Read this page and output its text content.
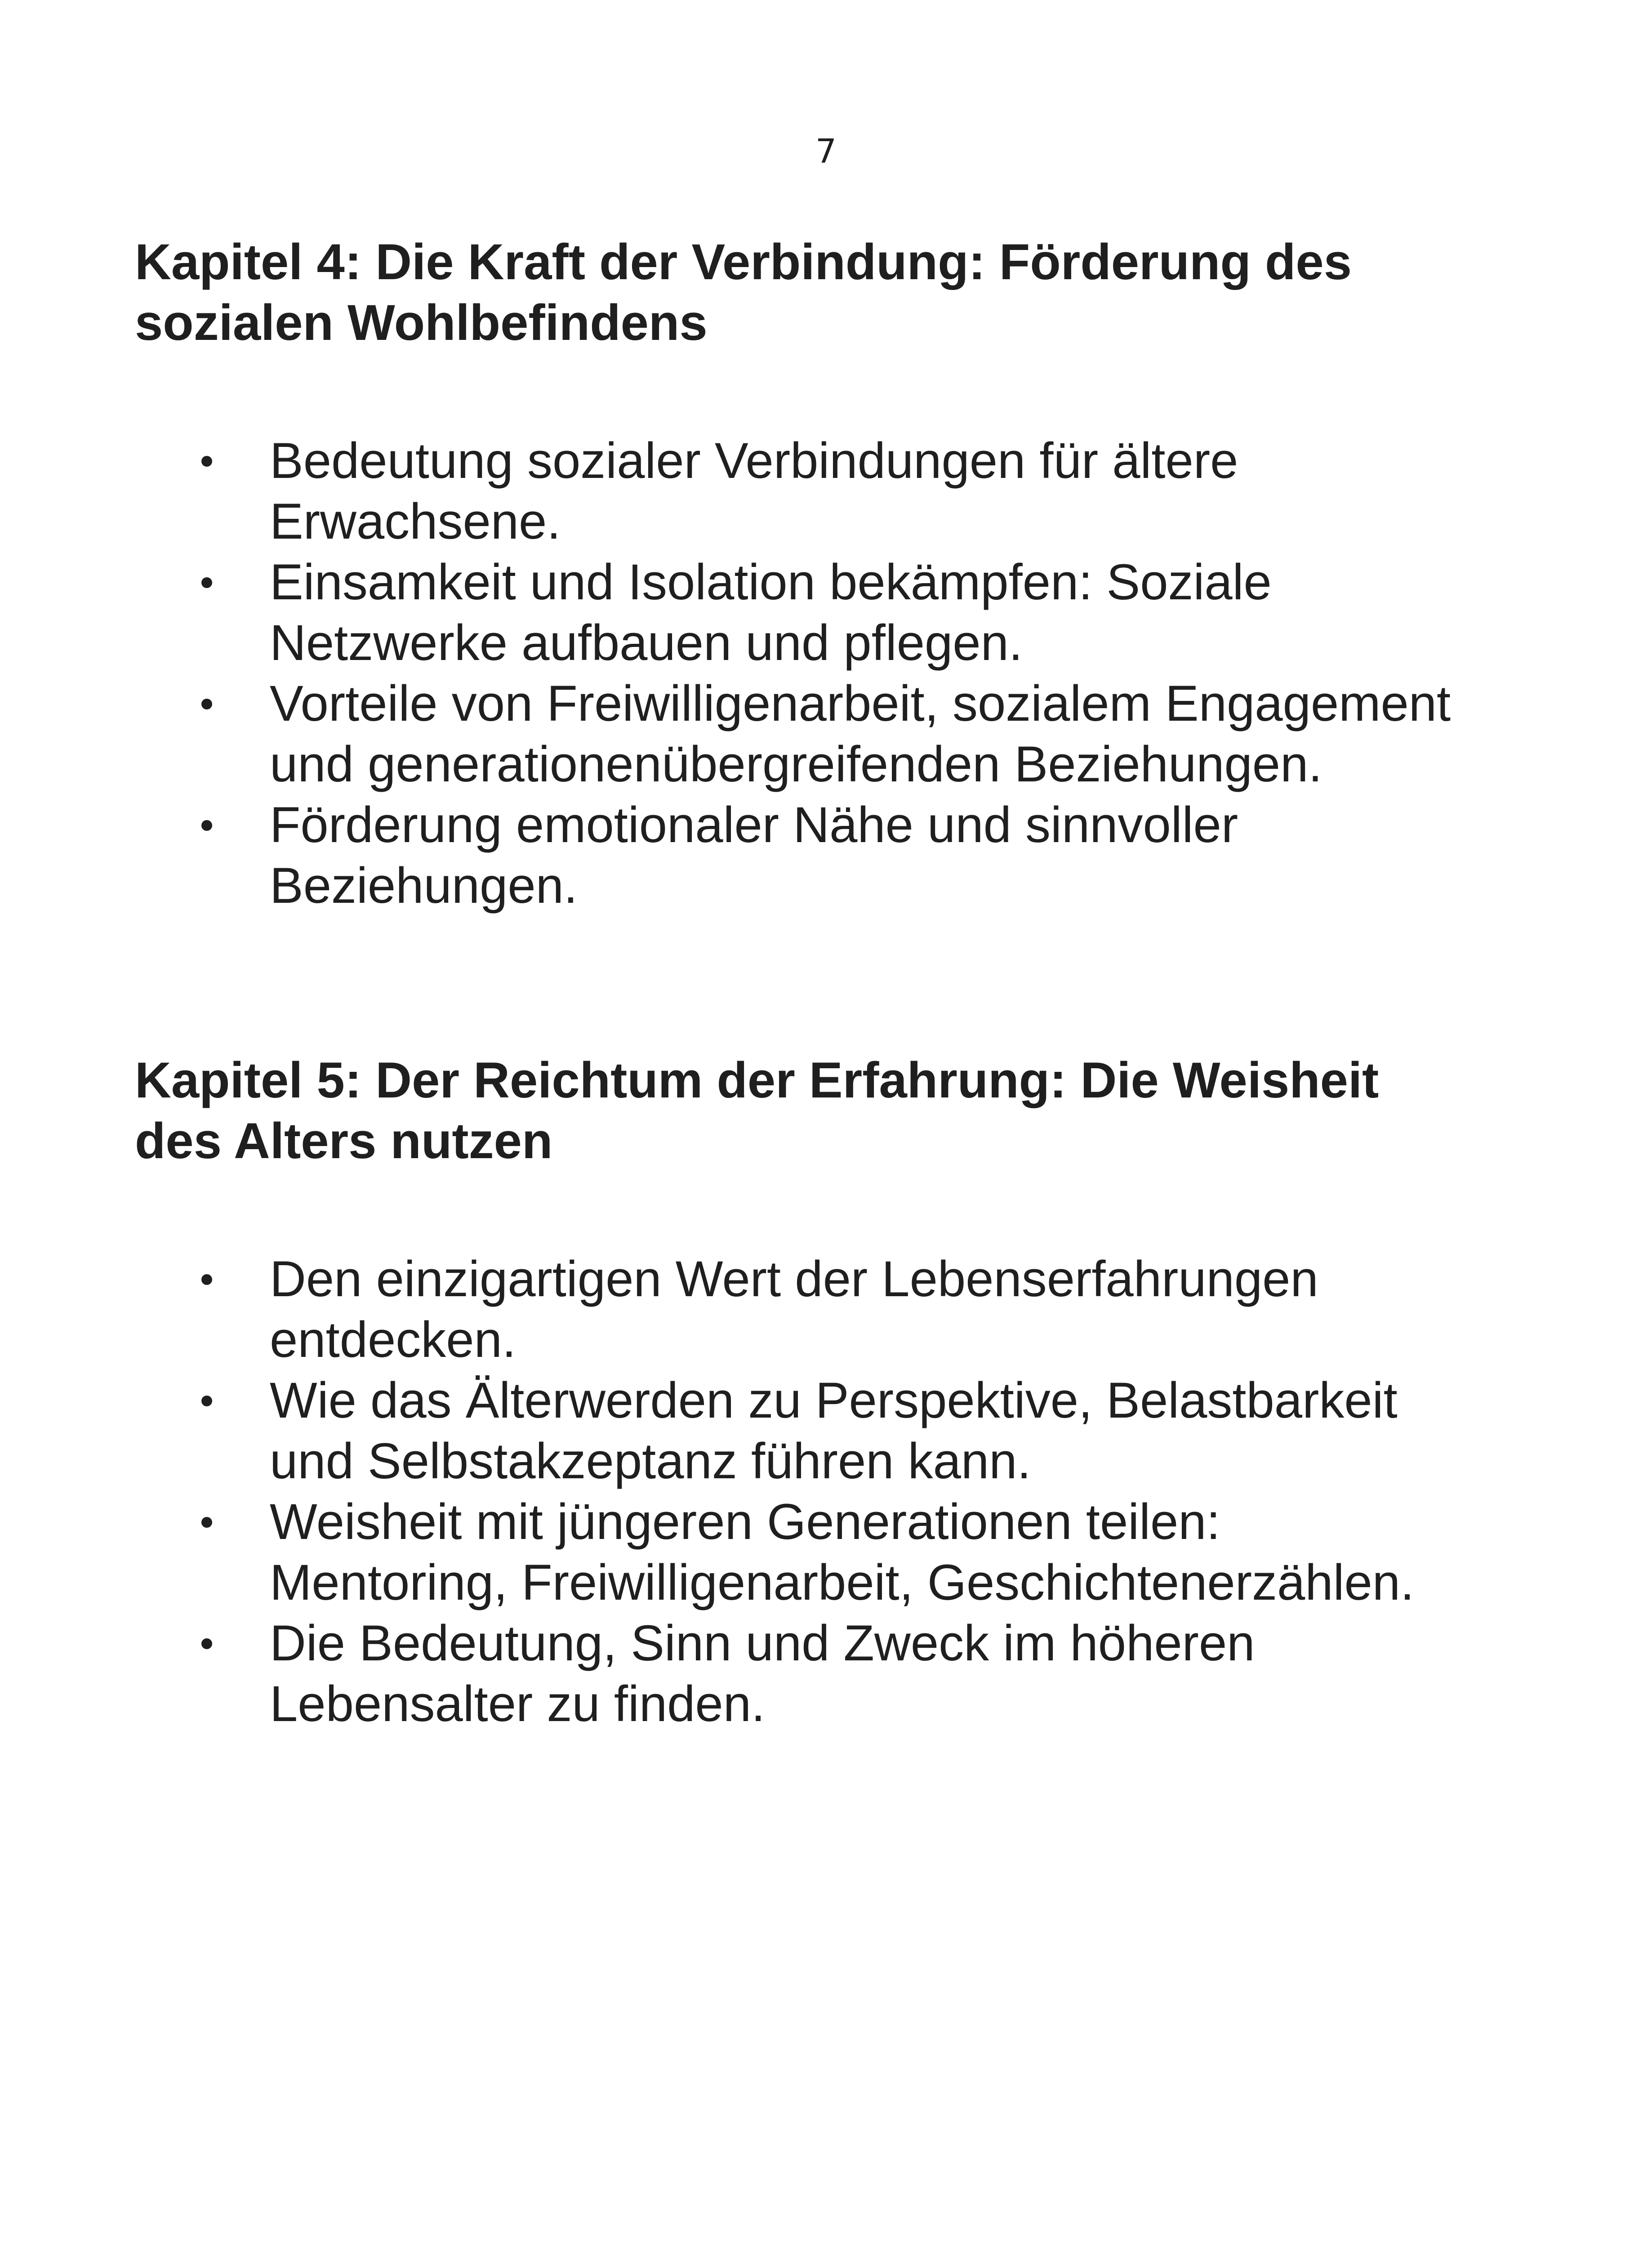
7
Kapitel 4: Die Kraft der Verbindung: Förderung des
sozialen Wohlbefindens
Bedeutung sozialer Verbindungen für ältere
Erwachsene.
Einsamkeit und Isolation bekämpfen: Soziale
Netzwerke aufbauen und pflegen.
Vorteile von Freiwilligenarbeit, sozialem Engagement
und generationenübergreifenden Beziehungen.
Förderung emotionaler Nähe und sinnvoller
Beziehungen.
Kapitel 5: Der Reichtum der Erfahrung: Die Weisheit
des Alters nutzen
Den einzigartigen Wert der Lebenserfahrungen
entdecken.
Wie das Älterwerden zu Perspektive, Belastbarkeit
und Selbstakzeptanz führen kann.
Weisheit mit jüngeren Generationen teilen:
Mentoring, Freiwilligenarbeit, Geschichtenerzählen.
Die Bedeutung, Sinn und Zweck im höheren
Lebensalter zu finden.
